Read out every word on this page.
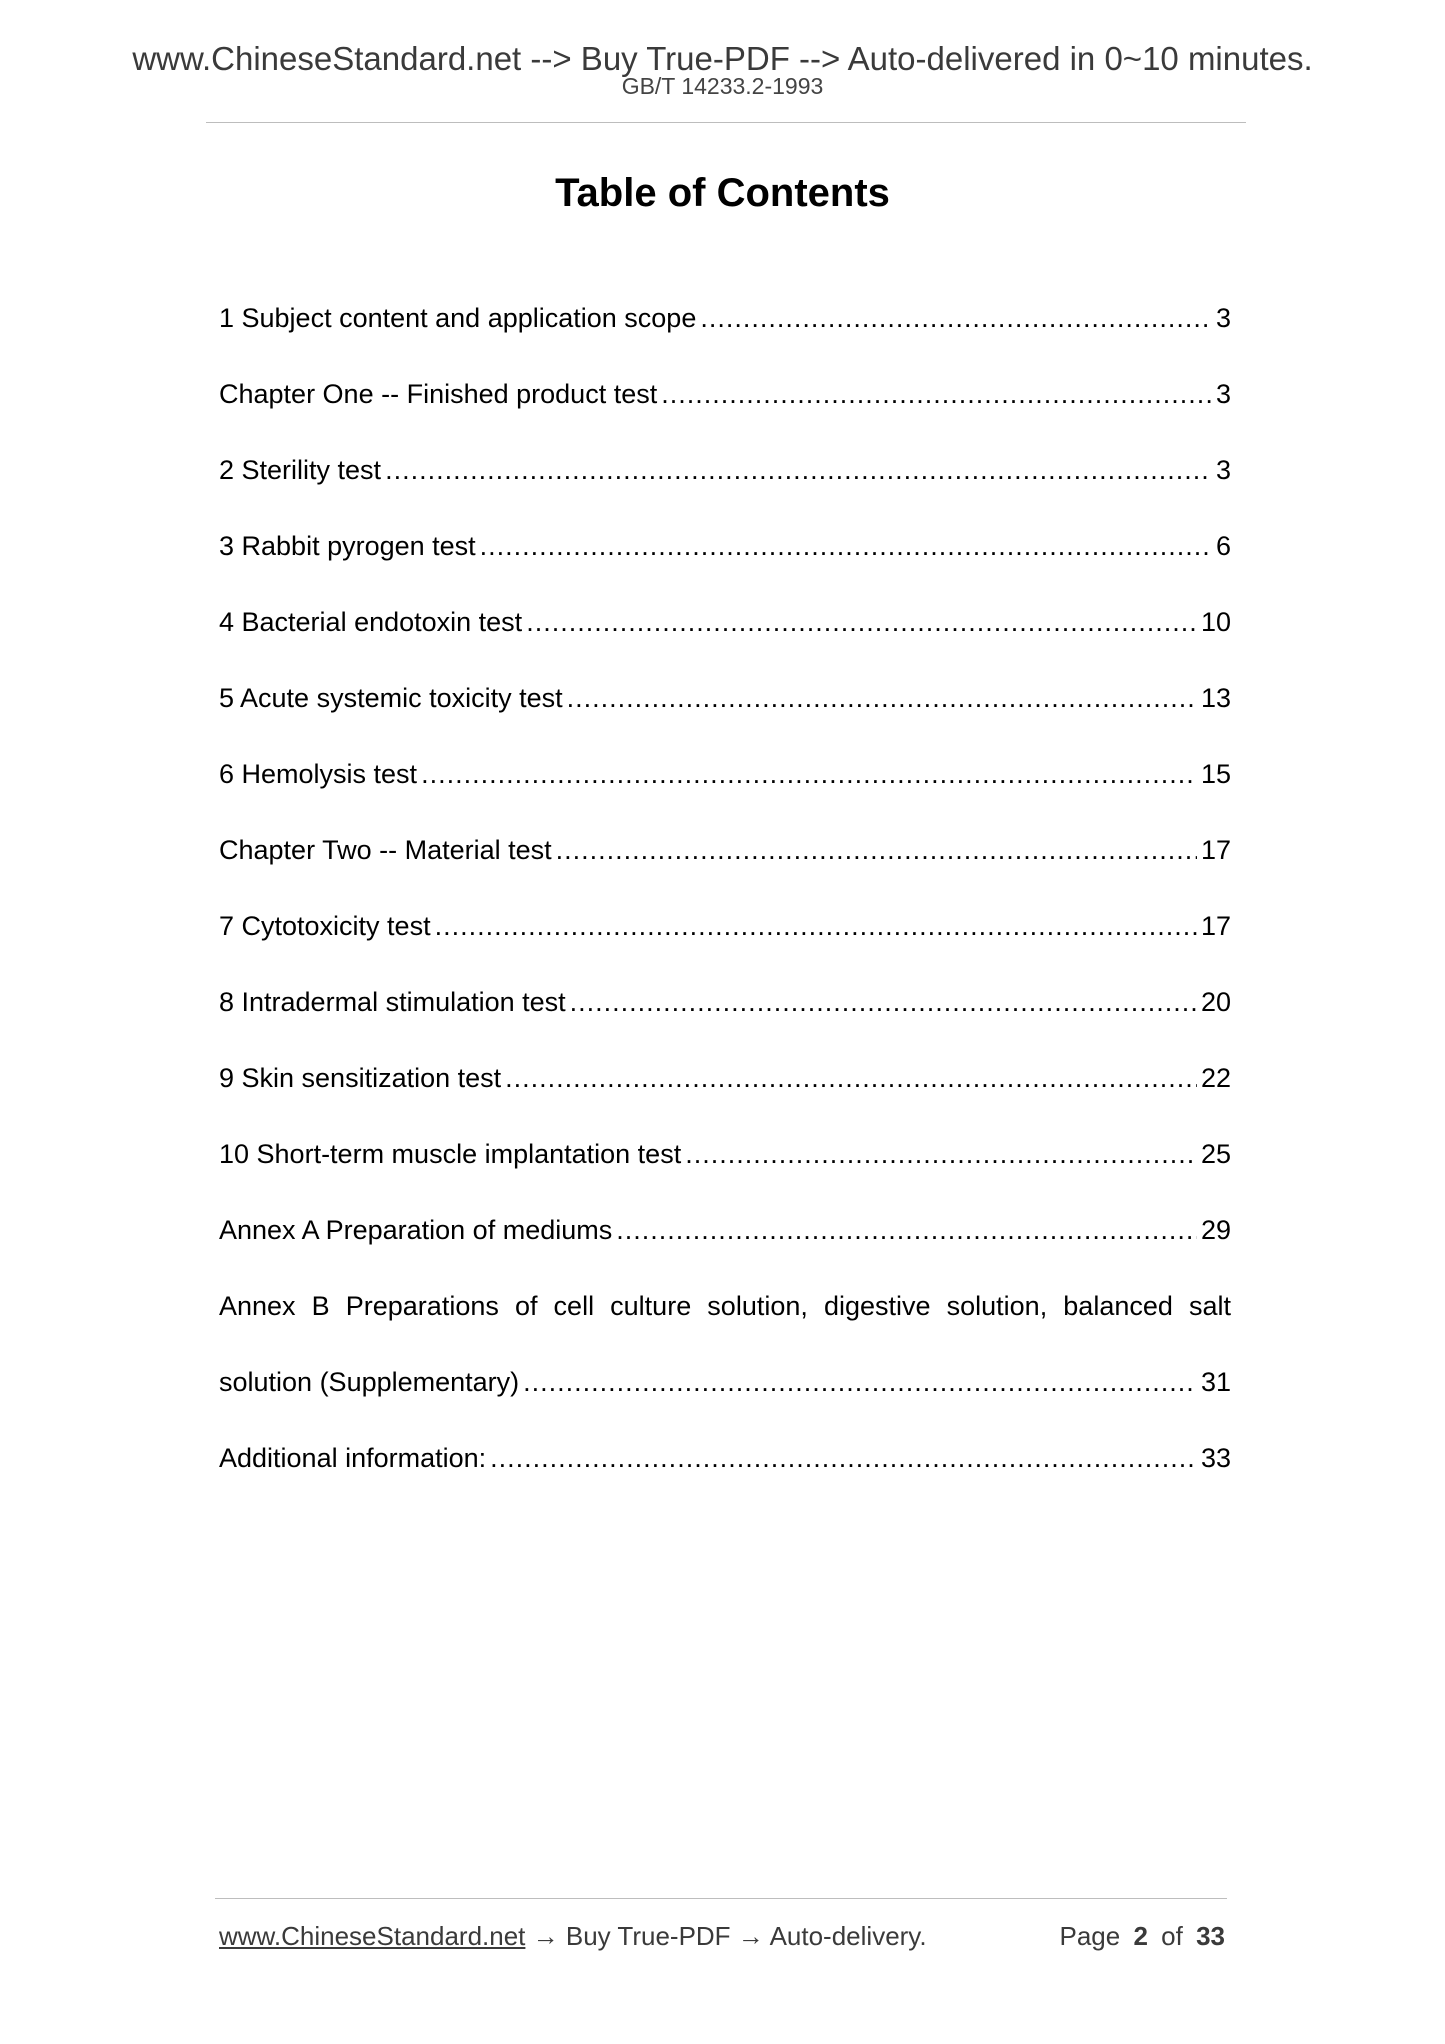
www.ChineseStandard.net --> Buy True-PDF --> Auto-delivered in 0~10 minutes.
GB/T 14233.2-1993
Table of Contents
1 Subject content and application scope .....	3
Chapter One -- Finished product test .....	3
2 Sterility test .....	3
3 Rabbit pyrogen test .....	6
4 Bacterial endotoxin test .....	10
5 Acute systemic toxicity test .....	13
6 Hemolysis test .....	15
Chapter Two -- Material test .....	17
7 Cytotoxicity test .....	17
8 Intradermal stimulation test .....	20
9 Skin sensitization test .....	22
10 Short-term muscle implantation test .....	25
Annex A Preparation of mediums .....	29
Annex B Preparations of cell culture solution, digestive solution, balanced salt
solution (Supplementary) .....	31
Additional information: .....	33
www.ChineseStandard.net → Buy True-PDF → Auto-delivery.	Page 2 of 33
